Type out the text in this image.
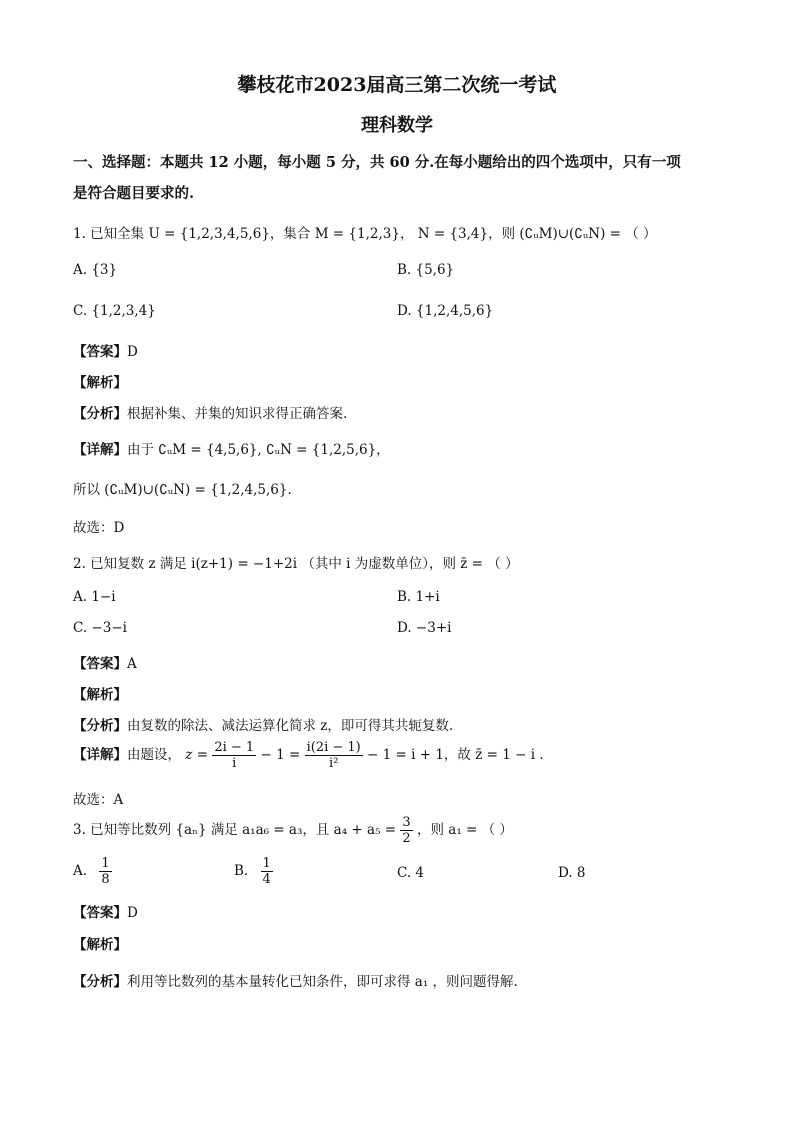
攀枝花市2023届高三第二次统一考试
理科数学
一、选择题：本题共 12 小题，每小题 5 分，共 60 分.在每小题给出的四个选项中，只有一项
是符合题目要求的.
1. 已知全集 U = {1,2,3,4,5,6}，集合 M = {1,2,3}， N = {3,4}，则 (∁ᵤM)∪(∁ᵤN) = （ ）
A. {3}	B. {5,6}
C. {1,2,3,4}	D. {1,2,4,5,6}
【答案】D
【解析】
【分析】根据补集、并集的知识求得正确答案.
【详解】由于 ∁ᵤM = {4,5,6}, ∁ᵤN = {1,2,5,6}，
所以 (∁ᵤM)∪(∁ᵤN) = {1,2,4,5,6}.
故选：D
2. 已知复数 z 满足 i(z+1) = −1+2i （其中 i 为虚数单位），则 z̄ = （ ）
A. 1−i	B. 1+i
C. −3−i	D. −3+i
【答案】A
【解析】
【分析】由复数的除法、减法运算化简求 z，即可得其共轭复数.
【详解】由题设， $z = \frac{2i - 1}{i} - 1 = \frac{i(2i - 1)}{\text{i²}} - 1 = i + 1$，故 z̄ = 1 − i .
故选：A
3. 已知等比数列 {aₙ} 满足 a₁a₆ = a₃，且 $a_4 + a_5 = \frac{3}{2}$ ，则 a₁ = （ ）
A. $\frac{1}{8}$	B. $\frac{1}{4}$	C. 4	D. 8
【答案】D
【解析】
【分析】利用等比数列的基本量转化已知条件，即可求得 a₁ ，则问题得解.
